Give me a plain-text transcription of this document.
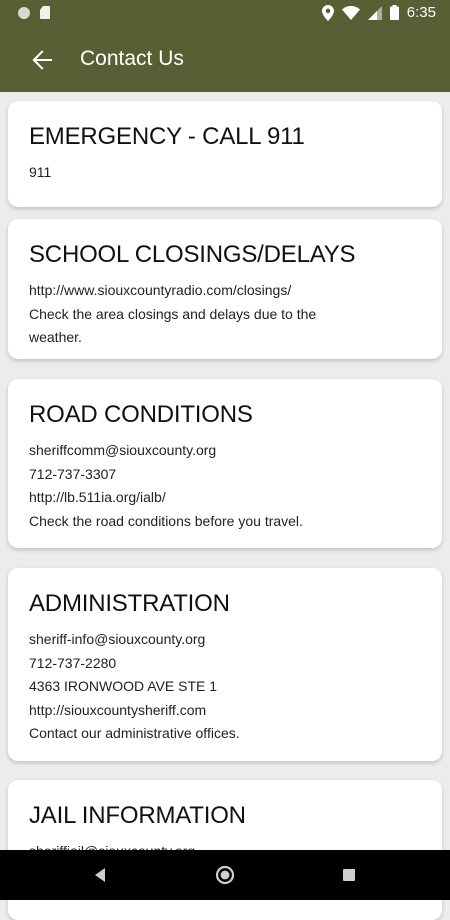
6:35
Contact Us
EMERGENCY - CALL 911
911
SCHOOL CLOSINGS/DELAYS
http://www.siouxcountyradio.com/closings/
Check the area closings and delays due to the
weather.
ROAD CONDITIONS
sheriffcomm@siouxcounty.org
712-737-3307
http://lb.511ia.org/ialb/
Check the road conditions before you travel.
ADMINISTRATION
sheriff-info@siouxcounty.org
712-737-2280
4363 IRONWOOD AVE STE 1
http://siouxcountysheriff.com
Contact our administrative offices.
JAIL INFORMATION
